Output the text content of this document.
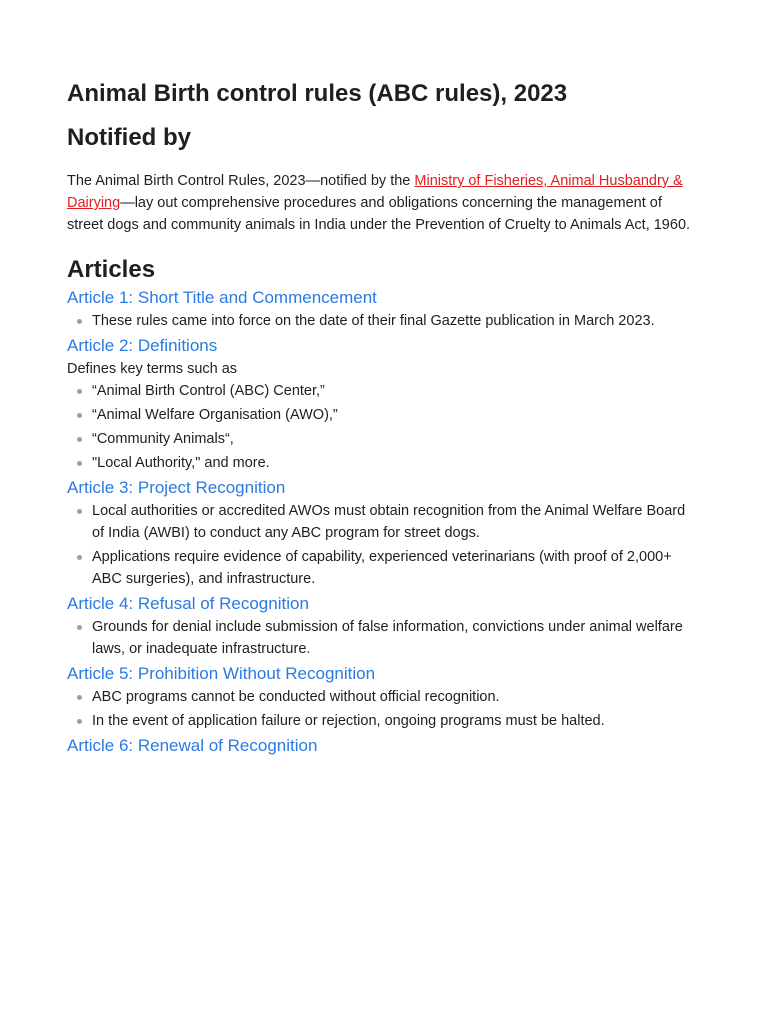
Animal Birth control rules (ABC rules), 2023
Notified by

The Animal Birth Control Rules, 2023—notified by the Ministry of Fisheries, Animal Husbandry & Dairying—lay out comprehensive procedures and obligations concerning the management of street dogs and community animals in India under the Prevention of Cruelty to Animals Act, 1960.

Articles
Article 1: Short Title and Commencement
These rules came into force on the date of their final Gazette publication in March 2023.
Article 2: Definitions

Defines key terms such as

“Animal Birth Control (ABC) Center,”
“Animal Welfare Organisation (AWO),”
“Community Animals“,
"Local Authority," and more.
Article 3: Project Recognition
Local authorities or accredited AWOs must obtain recognition from the Animal Welfare Board of India (AWBI) to conduct any ABC program for street dogs.
Applications require evidence of capability, experienced veterinarians (with proof of 2,000+ ABC surgeries), and infrastructure.
Article 4: Refusal of Recognition
Grounds for denial include submission of false information, convictions under animal welfare laws, or inadequate infrastructure.
Article 5: Prohibition Without Recognition
ABC programs cannot be conducted without official recognition.
In the event of application failure or rejection, ongoing programs must be halted.
Article 6: Renewal of Recognition
